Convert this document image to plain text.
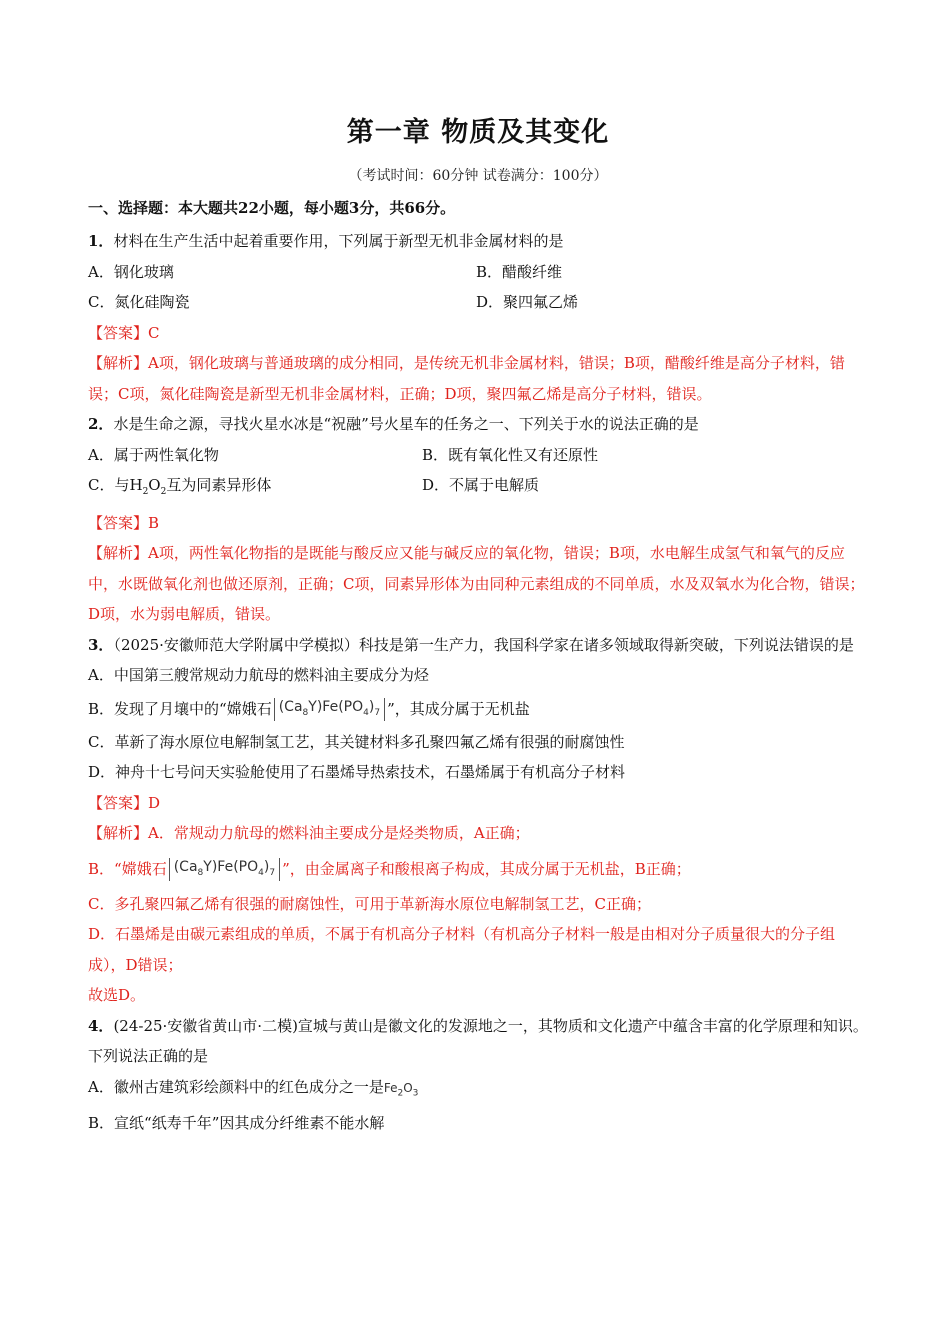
第一章 物质及其变化
（考试时间：60分钟 试卷满分：100分）
一、选择题：本大题共22小题，每小题3分，共66分。

1．材料在生产生活中起着重要作用，下列属于新型无机非金属材料的是

A．钢化玻璃	B．醋酸纤维
C．氮化硅陶瓷	D．聚四氟乙烯

【答案】C

【解析】A项，钢化玻璃与普通玻璃的成分相同，是传统无机非金属材料，错误；B项，醋酸纤维是高分子材料，错误；C项，氮化硅陶瓷是新型无机非金属材料，正确；D项，聚四氟乙烯是高分子材料，错误。

2．水是生命之源，寻找火星水冰是“祝融”号火星车的任务之一、下列关于水的说法正确的是

A．属于两性氧化物	B．既有氧化性又有还原性
C．与$H_2O_2$互为同素异形体	D．不属于电解质

【答案】B

【解析】A项，两性氧化物指的是既能与酸反应又能与碱反应的氧化物，错误；B项，水电解生成氢气和氧气的反应中，水既做氧化剂也做还原剂，正确；C项，同素异形体为由同种元素组成的不同单质，水及双氧水为化合物，错误；D项，水为弱电解质，错误。

3．（2025·安徽师范大学附属中学模拟）科技是第一生产力，我国科学家在诸多领域取得新突破，下列说法错误的是

A．中国第三艘常规动力航母的燃料油主要成分为烃

B．发现了月壤中的“嫦娥石 $(Ca_8Y)Fe(PO_4)_7$ ”，其成分属于无机盐

C．革新了海水原位电解制氢工艺，其关键材料多孔聚四氟乙烯有很强的耐腐蚀性

D．神舟十七号问天实验舱使用了石墨烯导热索技术，石墨烯属于有机高分子材料

【答案】D

【解析】A．常规动力航母的燃料油主要成分是烃类物质，A正确；

B．“嫦娥石 $(Ca_8Y)Fe(PO_4)_7$ ”，由金属离子和酸根离子构成，其成分属于无机盐，B正确；

C．多孔聚四氟乙烯有很强的耐腐蚀性，可用于革新海水原位电解制氢工艺，C正确；

D．石墨烯是由碳元素组成的单质，不属于有机高分子材料（有机高分子材料一般是由相对分子质量很大的分子组成），D错误；

故选D。

4．(24-25·安徽省黄山市·二模)宣城与黄山是徽文化的发源地之一，其物质和文化遗产中蕴含丰富的化学原理和知识。下列说法正确的是

A．徽州古建筑彩绘颜料中的红色成分之一是$Fe_2O_3$

B．宣纸“纸寿千年”因其成分纤维素不能水解
